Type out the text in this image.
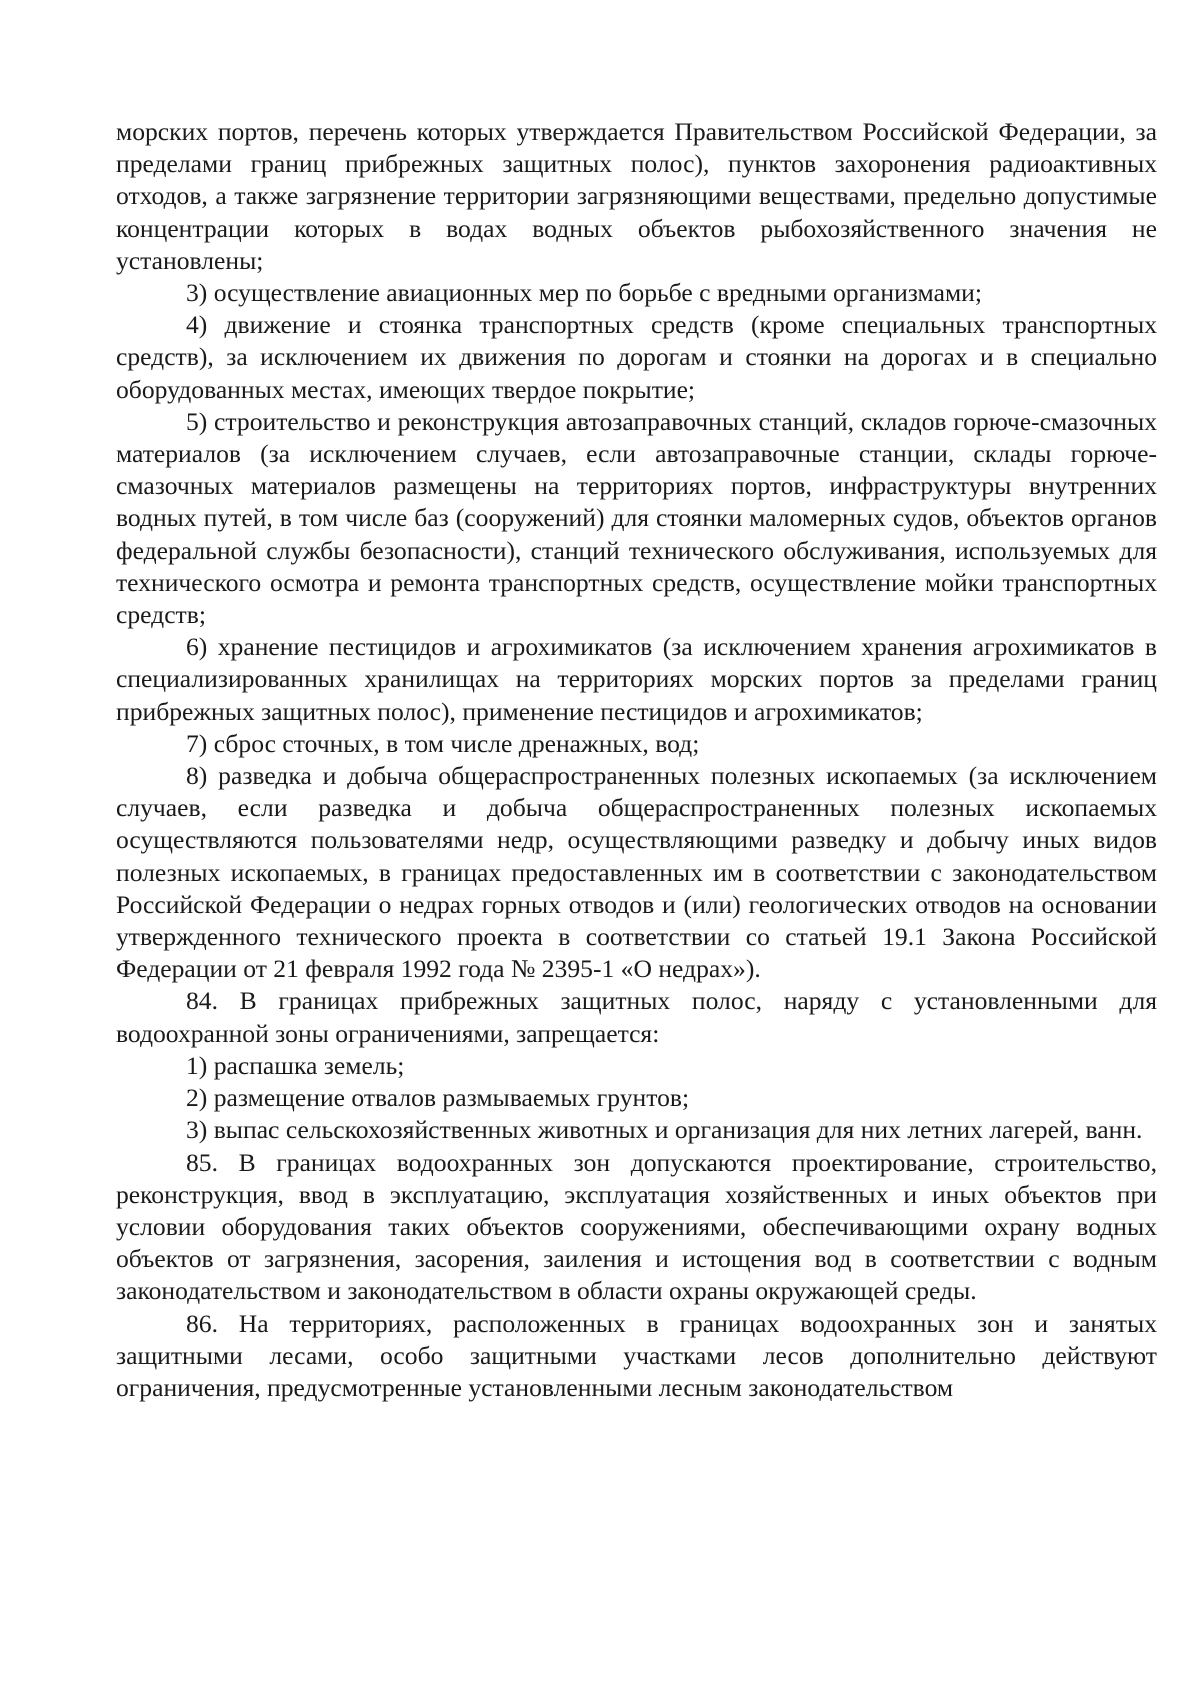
морских портов, перечень которых утверждается Правительством Российской Федерации, за пределами границ прибрежных защитных полос), пунктов захоронения радиоактивных отходов, а также загрязнение территории загрязняющими веществами, предельно допустимые концентрации которых в водах водных объектов рыбохозяйственного значения не установлены;

3) осуществление авиационных мер по борьбе с вредными организмами;

4) движение и стоянка транспортных средств (кроме специальных транспортных средств), за исключением их движения по дорогам и стоянки на дорогах и в специально оборудованных местах, имеющих твердое покрытие;

5) строительство и реконструкция автозаправочных станций, складов горюче-смазочных материалов (за исключением случаев, если автозаправочные станции, склады горюче-смазочных материалов размещены на территориях портов, инфраструктуры внутренних водных путей, в том числе баз (сооружений) для стоянки маломерных судов, объектов органов федеральной службы безопасности), станций технического обслуживания, используемых для технического осмотра и ремонта транспортных средств, осуществление мойки транспортных средств;

6) хранение пестицидов и агрохимикатов (за исключением хранения агрохимикатов в специализированных хранилищах на территориях морских портов за пределами границ прибрежных защитных полос), применение пестицидов и агрохимикатов;

7) сброс сточных, в том числе дренажных, вод;

8) разведка и добыча общераспространенных полезных ископаемых (за исключением случаев, если разведка и добыча общераспространенных полезных ископаемых осуществляются пользователями недр, осуществляющими разведку и добычу иных видов полезных ископаемых, в границах предоставленных им в соответствии с законодательством Российской Федерации о недрах горных отводов и (или) геологических отводов на основании утвержденного технического проекта в соответствии со статьей 19.1 Закона Российской Федерации от 21 февраля 1992 года № 2395-1 «О недрах»).

84. В границах прибрежных защитных полос, наряду с установленными для водоохранной зоны ограничениями, запрещается:

1) распашка земель;

2) размещение отвалов размываемых грунтов;

3) выпас сельскохозяйственных животных и организация для них летних лагерей, ванн.

85. В границах водоохранных зон допускаются проектирование, строительство, реконструкция, ввод в эксплуатацию, эксплуатация хозяйственных и иных объектов при условии оборудования таких объектов сооружениями, обеспечивающими охрану водных объектов от загрязнения, засорения, заиления и истощения вод в соответствии с водным законодательством и законодательством в области охраны окружающей среды.

86. На территориях, расположенных в границах водоохранных зон и занятых защитными лесами, особо защитными участками лесов дополнительно действуют ограничения, предусмотренные установленными лесным законодательством
